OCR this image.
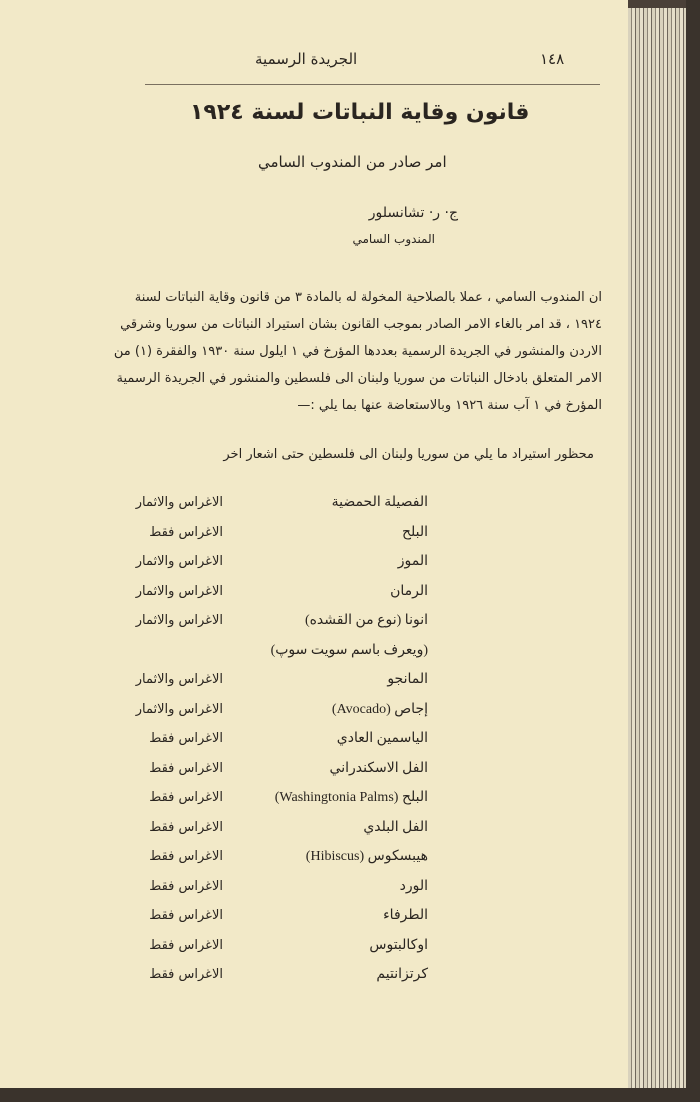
١٤٨
الجريدة الرسمية
قانون وقاية النباتات لسنة ١٩٢٤
امر صادر من المندوب السامي
ج· ر· تشانسلور
المندوب السامي
ان المندوب السامي ، عملا بالصلاحية المخولة له بالمادة ٣ من قانون وقاية النباتات لسنة
١٩٢٤ ، قد امر بالغاء الامر الصادر بموجب القانون بشان استيراد النباتات من سوريا وشرقي
الاردن والمنشور في الجريدة الرسمية بعددها المؤرخ في ١ ايلول سنة ١٩٣٠ والفقرة (١) من
الامر المتعلق بادخال النباتات من سوريا ولبنان الى فلسطين والمنشور في الجريدة الرسمية
المؤرخ في ١ آب سنة ١٩٢٦ وبالاستعاضة عنها بما يلي :—
محظور استيراد ما يلي من سوريا ولبنان الى فلسطين حتى اشعار اخر
الفصيلة الحمضية
الاغراس والاثمار
البلح
الاغراس فقط
الموز
الاغراس والاثمار
الرمان
الاغراس والاثمار
انونا (نوع من القشده)
الاغراس والاثمار
(ويعرف باسم سويت سوپ)
المانجو
الاغراس والاثمار
إجاص (Avocado)
الاغراس والاثمار
الياسمين العادي
الاغراس فقط
الفل الاسكندراني
الاغراس فقط
البلح (Washingtonia Palms)
الاغراس فقط
الفل البلدي
الاغراس فقط
هيبسكوس (Hibiscus)
الاغراس فقط
الورد
الاغراس فقط
الطرفاء
الاغراس فقط
اوكالبتوس
الاغراس فقط
كرتزانتيم
الاغراس فقط
